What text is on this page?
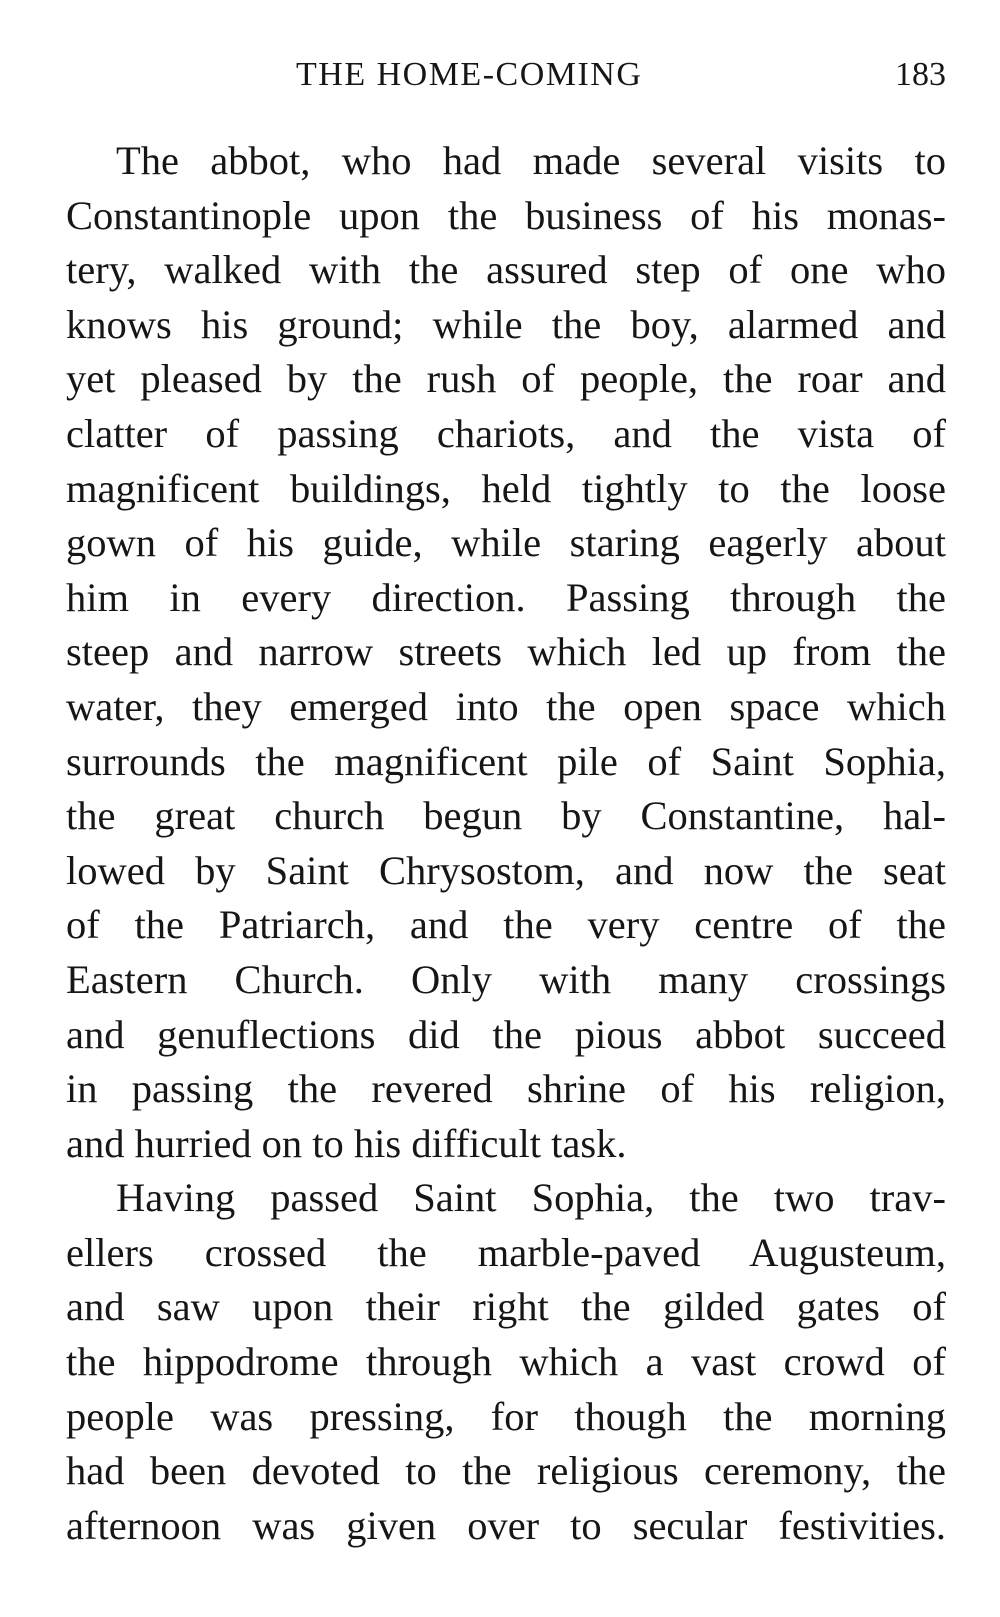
THE HOME-COMING	183

The abbot, who had made several visits to
Constantinople upon the business of his monas-
tery, walked with the assured step of one who
knows his ground; while the boy, alarmed and
yet pleased by the rush of people, the roar and
clatter of passing chariots, and the vista of
magnificent buildings, held tightly to the loose
gown of his guide, while staring eagerly about
him in every direction. Passing through the
steep and narrow streets which led up from the
water, they emerged into the open space which
surrounds the magnificent pile of Saint Sophia,
the great church begun by Constantine, hal-
lowed by Saint Chrysostom, and now the seat
of the Patriarch, and the very centre of the
Eastern Church. Only with many crossings
and genuflections did the pious abbot succeed
in passing the revered shrine of his religion,
and hurried on to his difficult task.

Having passed Saint Sophia, the two trav-
ellers crossed the marble-paved Augusteum,
and saw upon their right the gilded gates of
the hippodrome through which a vast crowd of
people was pressing, for though the morning
had been devoted to the religious ceremony, the
afternoon was given over to secular festivities.
